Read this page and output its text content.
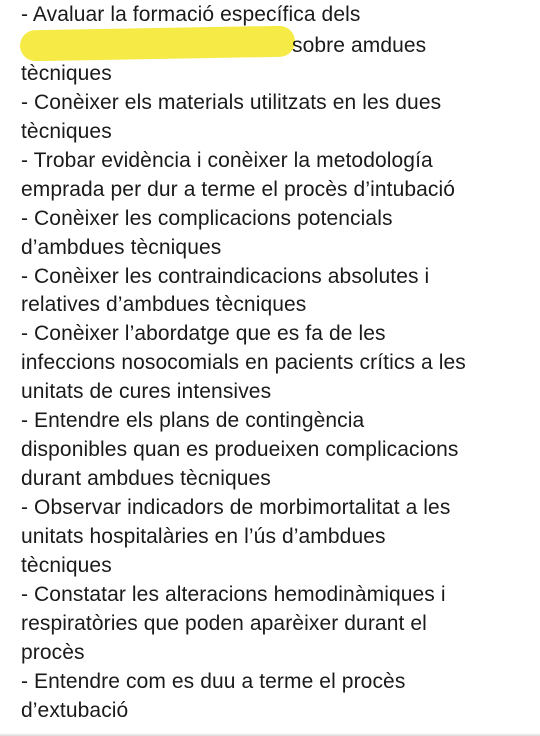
- Avaluar la formació específica dels
sobre amdues
tècniques
- Conèixer els materials utilitzats en les dues
tècniques
- Trobar evidència i conèixer la metodología
emprada per dur a terme el procès d’intubació
- Conèixer les complicacions potencials
d’ambdues tècniques
- Conèixer les contraindicacions absolutes i
relatives d’ambdues tècniques
- Conèixer l’abordatge que es fa de les
infeccions nosocomials en pacients crítics a les
unitats de cures intensives
- Entendre els plans de contingència
disponibles quan es produeixen complicacions
durant ambdues tècniques
- Observar indicadors de morbimortalitat a les
unitats hospitalàries en l’ús d’ambdues
tècniques
- Constatar les alteracions hemodinàmiques i
respiratòries que poden aparèixer durant el
procès
- Entendre com es duu a terme el procès
d’extubació
